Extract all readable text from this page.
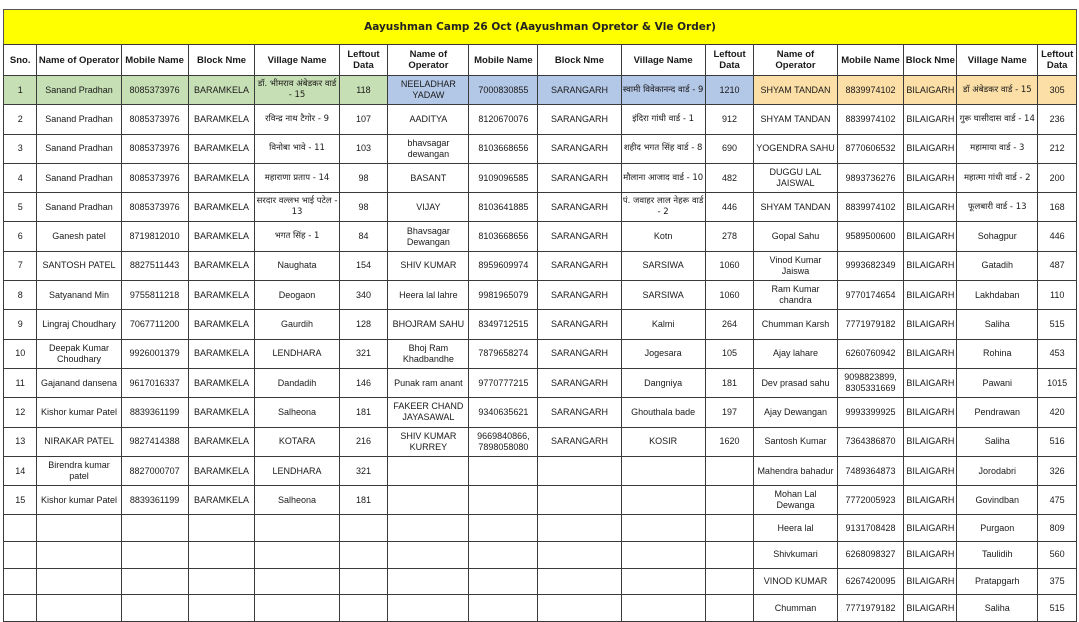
Aayushman Camp 26 Oct (Aayushman Opretor & Vle Order)
Sno.	Name of Operator	Mobile Name	Block Nme	Village Name	Leftout Data	Name of Operator	Mobile Name	Block Nme	Village Name	Leftout Data	Name of Operator	Mobile Name	Block Nme	Village Name	Leftout Data
1	Sanand Pradhan	8085373976	BARAMKELA	डॉ. भीमराव अंबेडकर वार्ड - 15	118	NEELADHAR YADAW	7000830855	SARANGARH	स्वामी विवेकानन्द वार्ड - 9	1210	SHYAM TANDAN	8839974102	BILAIGARH	डॉ अंबेडकर वार्ड - 15	305
2	Sanand Pradhan	8085373976	BARAMKELA	रविन्द्र नाथ टैगोर - 9	107	AADITYA	8120670076	SARANGARH	इंदिरा गांधी वार्ड - 1	912	SHYAM TANDAN	8839974102	BILAIGARH	गुरू घासीदास वार्ड - 14	236
3	Sanand Pradhan	8085373976	BARAMKELA	विनोबा भावे - 11	103	bhavsagar dewangan	8103668656	SARANGARH	शहीद भगत सिंह वार्ड - 8	690	YOGENDRA SAHU	8770606532	BILAIGARH	महामाया वार्ड - 3	212
4	Sanand Pradhan	8085373976	BARAMKELA	महाराणा प्रताप - 14	98	BASANT	9109096585	SARANGARH	मौलाना आजाद वार्ड - 10	482	DUGGU LAL JAISWAL	9893736276	BILAIGARH	महात्मा गांधी वार्ड - 2	200
5	Sanand Pradhan	8085373976	BARAMKELA	सरदार वल्लभ भाई पटेल - 13	98	VIJAY	8103641885	SARANGARH	पं. जवाहर लाल नेहरू वार्ड - 2	446	SHYAM TANDAN	8839974102	BILAIGARH	फूलबारी वार्ड - 13	168
6	Ganesh patel	8719812010	BARAMKELA	भगत सिंह - 1	84	Bhavsagar Dewangan	8103668656	SARANGARH	Kotn	278	Gopal Sahu	9589500600	BILAIGARH	Sohagpur	446
7	SANTOSH PATEL	8827511443	BARAMKELA	Naughata	154	SHIV KUMAR	8959609974	SARANGARH	SARSIWA	1060	Vinod Kumar Jaiswa	9993682349	BILAIGARH	Gatadih	487
8	Satyanand Min	9755811218	BARAMKELA	Deogaon	340	Heera lal lahre	9981965079	SARANGARH	SARSIWA	1060	Ram Kumar chandra	9770174654	BILAIGARH	Lakhdaban	110
9	Lingraj Choudhary	7067711200	BARAMKELA	Gaurdih	128	BHOJRAM SAHU	8349712515	SARANGARH	Kalmi	264	Chumman Karsh	7771979182	BILAIGARH	Saliha	515
10	Deepak Kumar Choudhary	9926001379	BARAMKELA	LENDHARA	321	Bhoj Ram Khadbandhe	7879658274	SARANGARH	Jogesara	105	Ajay lahare	6260760942	BILAIGARH	Rohina	453
11	Gajanand dansena	9617016337	BARAMKELA	Dandadih	146	Punak ram anant	9770777215	SARANGARH	Dangniya	181	Dev prasad sahu	9098823899, 8305331669	BILAIGARH	Pawani	1015
12	Kishor kumar Patel	8839361199	BARAMKELA	Salheona	181	FAKEER CHAND JAYASAWAL	9340635621	SARANGARH	Ghouthala bade	197	Ajay Dewangan	9993399925	BILAIGARH	Pendrawan	420
13	NIRAKAR PATEL	9827414388	BARAMKELA	KOTARA	216	SHIV KUMAR KURREY	9669840866, 7898058080	SARANGARH	KOSIR	1620	Santosh Kumar	7364386870	BILAIGARH	Saliha	516
14	Birendra kumar patel	8827000707	BARAMKELA	LENDHARA	321						Mahendra bahadur	7489364873	BILAIGARH	Jorodabri	326
15	Kishor kumar Patel	8839361199	BARAMKELA	Salheona	181						Mohan Lal Dewanga	7772005923	BILAIGARH	Govindban	475
											Heera lal	9131708428	BILAIGARH	Purgaon	809
											Shivkumari	6268098327	BILAIGARH	Taulidih	560
											VINOD KUMAR	6267420095	BILAIGARH	Pratapgarh	375
											Chumman	7771979182	BILAIGARH	Saliha	515
